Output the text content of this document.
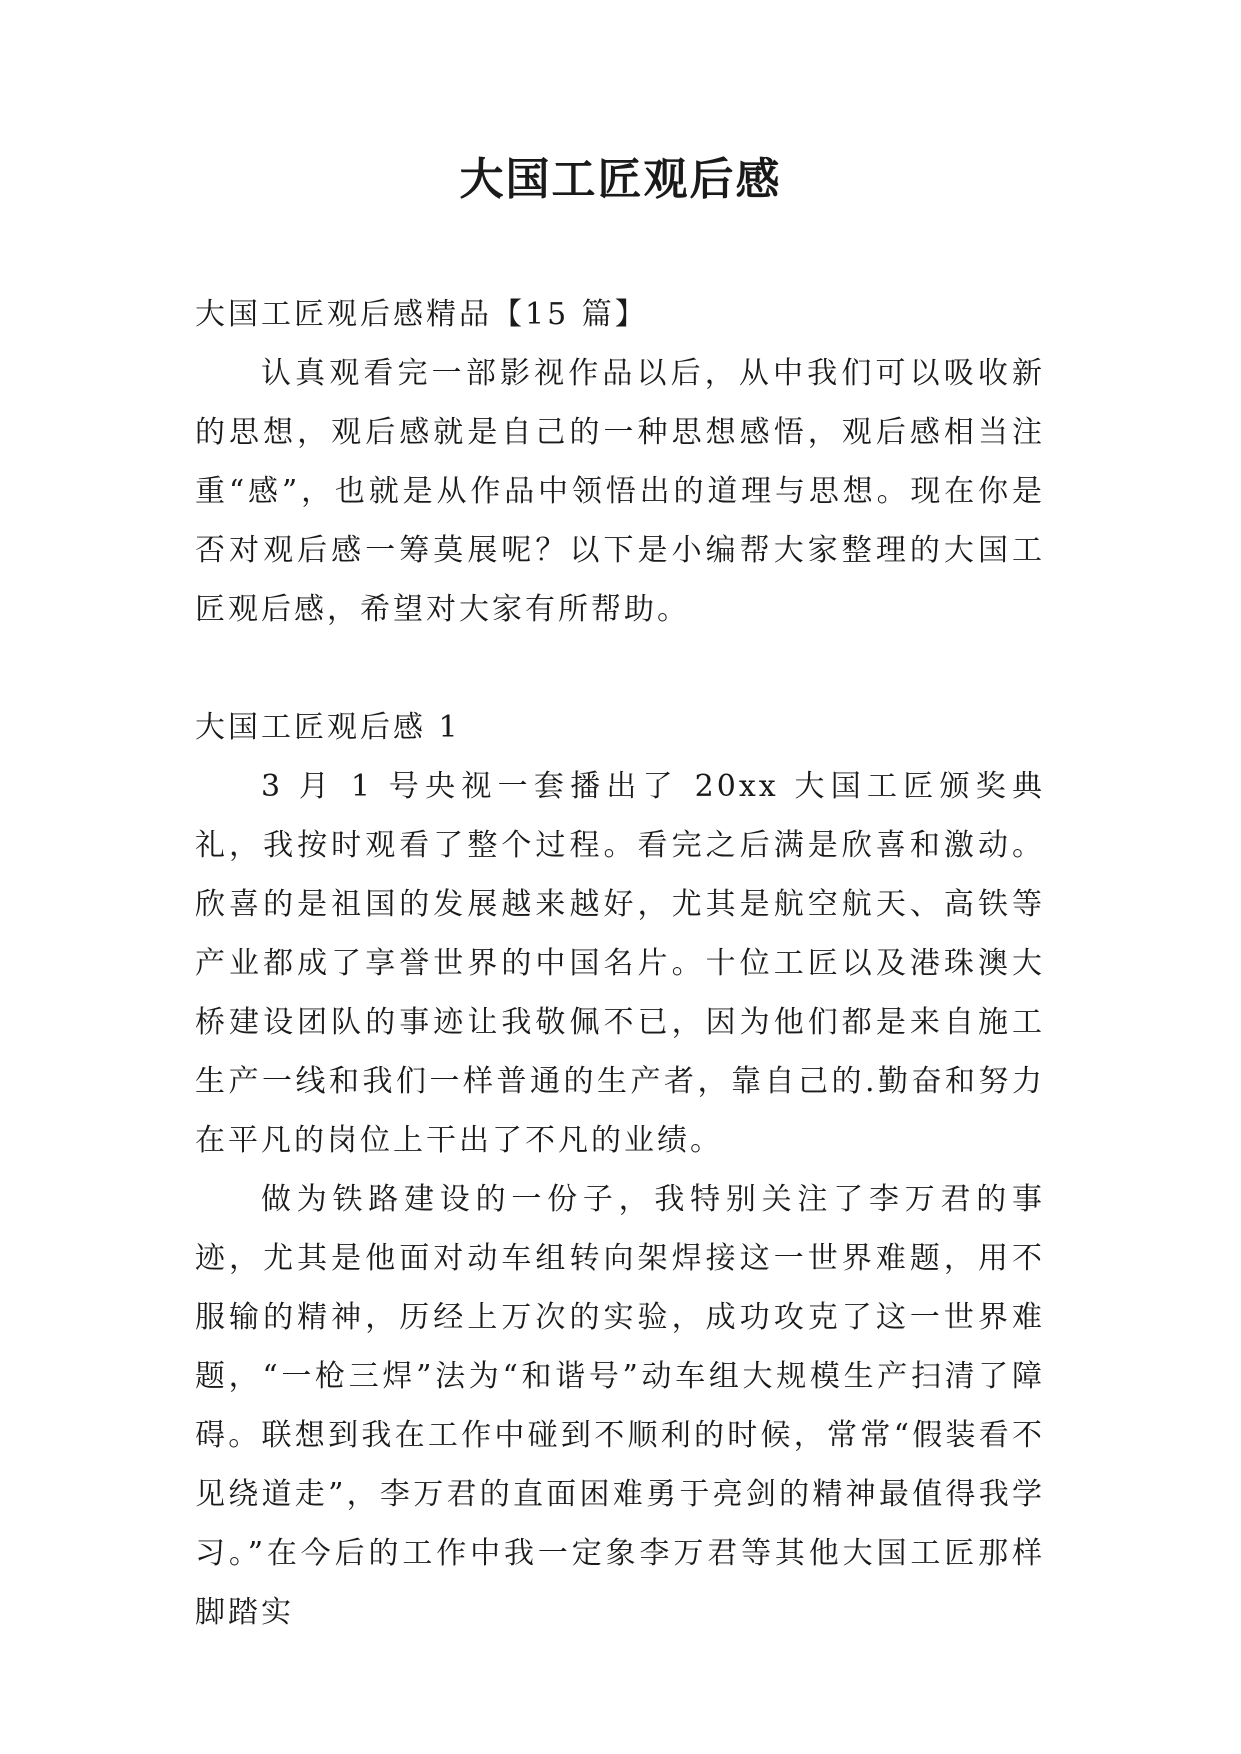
大国工匠观后感

大国工匠观后感精品【15 篇】

认真观看完一部影视作品以后，从中我们可以吸收新的思想，观后感就是自己的一种思想感悟，观后感相当注重“感”，也就是从作品中领悟出的道理与思想。现在你是否对观后感一筹莫展呢？以下是小编帮大家整理的大国工匠观后感，希望对大家有所帮助。

大国工匠观后感 1

3 月 1 号央视一套播出了 20xx 大国工匠颁奖典礼，我按时观看了整个过程。看完之后满是欣喜和激动。欣喜的是祖国的发展越来越好，尤其是航空航天、高铁等产业都成了享誉世界的中国名片。十位工匠以及港珠澳大桥建设团队的事迹让我敬佩不已，因为他们都是来自施工生产一线和我们一样普通的生产者，靠自己的.勤奋和努力在平凡的岗位上干出了不凡的业绩。

做为铁路建设的一份子，我特别关注了李万君的事迹，尤其是他面对动车组转向架焊接这一世界难题，用不服输的精神，历经上万次的实验，成功攻克了这一世界难题，“一枪三焊”法为“和谐号”动车组大规模生产扫清了障碍。联想到我在工作中碰到不顺利的时候，常常“假装看不见绕道走”，李万君的直面困难勇于亮剑的精神最值得我学习。”在今后的工作中我一定象李万君等其他大国工匠那样脚踏实
